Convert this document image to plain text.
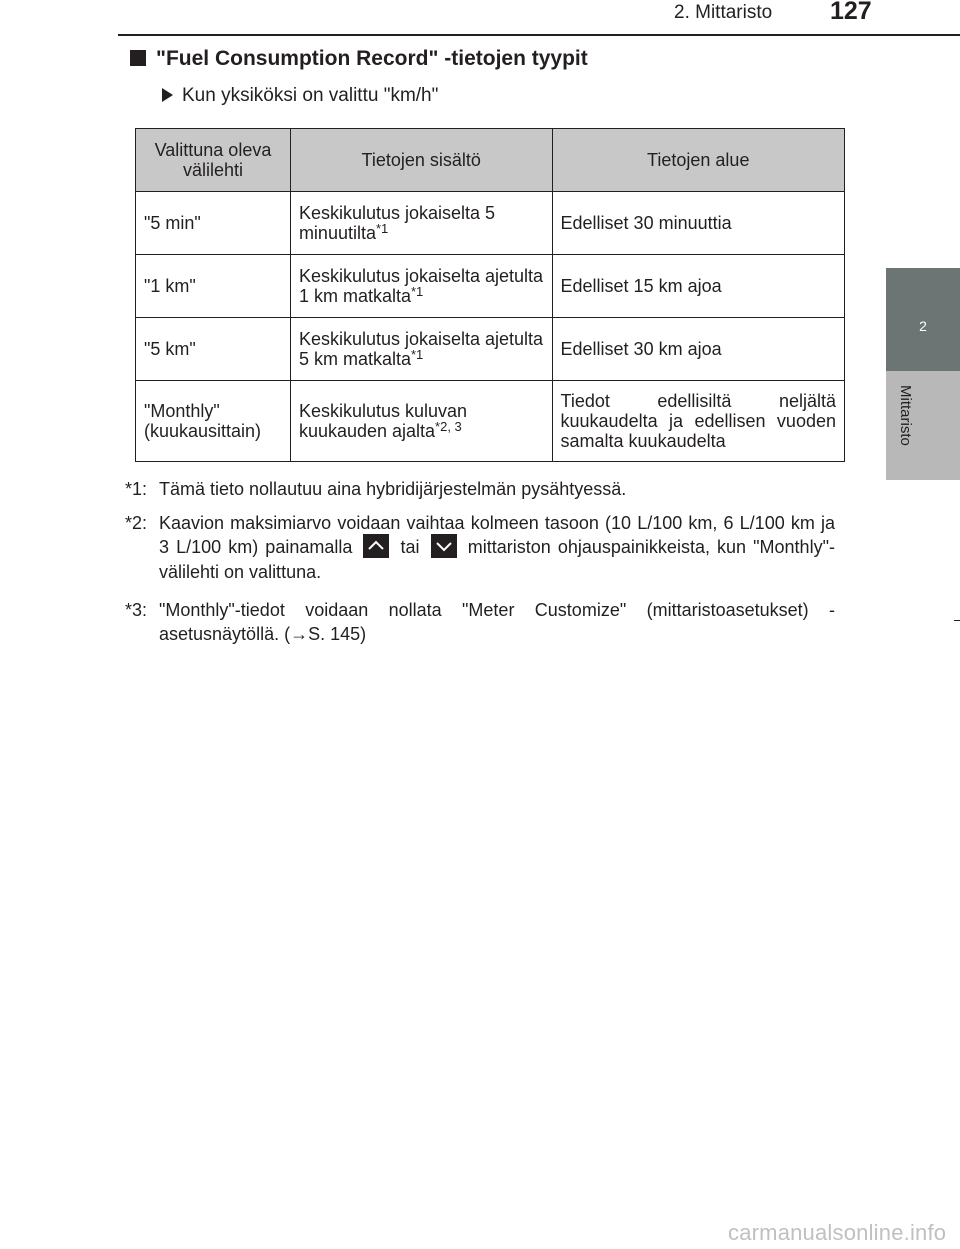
2. Mittaristo 127
2
Mittaristo
"Fuel Consumption Record" -tietojen tyypit
Kun yksiköksi on valittu "km/h"
Valittuna oleva välilehti	Tietojen sisältö	Tietojen alue
"5 min"	Keskikulutus jokaiselta 5 minuutilta$^{*1}$	Edelliset 30 minuuttia
"1 km"	Keskikulutus jokaiselta ajetulta 1 km matkalta$^{*1}$	Edelliset 15 km ajoa
"5 km"	Keskikulutus jokaiselta ajetulta 5 km matkalta$^{*1}$	Edelliset 30 km ajoa
"Monthly" (kuukausittain)	Keskikulutus kuluvan kuukauden ajalta$^{*2, 3}$	Tiedot edellisiltä neljältä kuukaudelta ja edellisen vuoden samalta kuukaudelta
*1: Tämä tieto nollautuu aina hybridijärjestelmän pysähtyessä.
*2: Kaavion maksimiarvo voidaan vaihtaa kolmeen tasoon (10 L/100 km, 6 L/100 km ja 3 L/100 km) painamalla	tai	mittariston ohjauspainikkeista, kun "Monthly"-välilehti on valittuna.
*3: "Monthly"-tiedot voidaan nollata "Meter Customize" (mittaristoasetukset) -asetusnäytöllä. (→S. 145)
carmanualsonline.info
